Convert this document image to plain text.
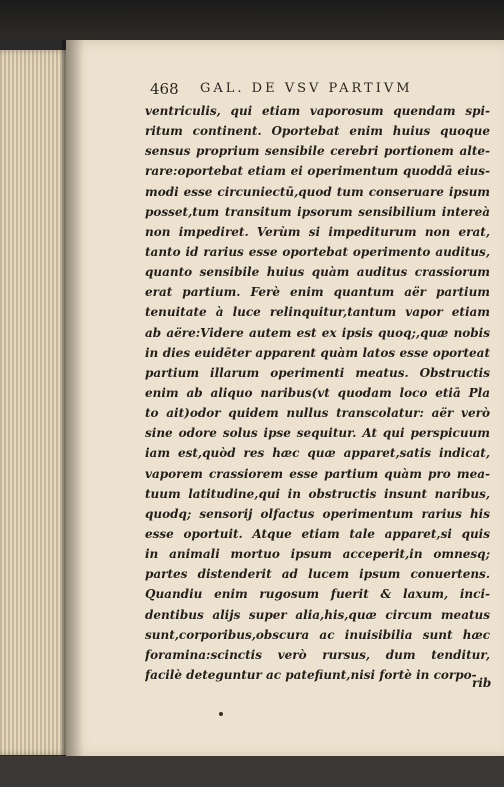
468 GAL. DE VSV PARTIVM
ventriculis, qui etiam vaporosum quendam spi-
ritum continent. Oportebat enim huius quoque
sensus proprium sensibile cerebri portionem alte-
rare:oportebat etiam ei operimentum quoddā eius-
modi esse circuniectū,quod tum conseruare ipsum
posset,tum transitum ipsorum sensibilium intereà
non impediret. Verùm si impediturum non erat,
tanto id rarius esse oportebat operimento auditus,
quanto sensibile huius quàm auditus crassiorum
erat partium. Ferè enim quantum aër partium
tenuitate à luce relinquitur,tantum vapor etiam
ab aëre:Videre autem est ex ipsis quoq;,quæ nobis
in dies euidēter apparent quàm latos esse oporteat
partium illarum operimenti meatus. Obstructis
enim ab aliquo naribus(vt quodam loco etiā Pla
to ait)odor quidem nullus transcolatur: aër verò
sine odore solus ipse sequitur. At qui perspicuum
iam est,quòd res hæc quæ apparet,satis indicat,
vaporem crassiorem esse partium quàm pro mea-
tuum latitudine,qui in obstructis insunt naribus,
quodq; sensorij olfactus operimentum rarius his
esse oportuit. Atque etiam tale apparet,si quis
in animali mortuo ipsum acceperit,in omnesq;
partes distenderit ad lucem ipsum conuertens.
Quandiu enim rugosum fuerit & laxum, inci-
dentibus alijs super alia,his,quæ circum meatus
sunt,corporibus,obscura ac inuisibilia sunt hæc
foramina:scinctis verò rursus, dum tenditur,
facilè deteguntur ac patefiunt,nisi fortè in corpo-
rib
